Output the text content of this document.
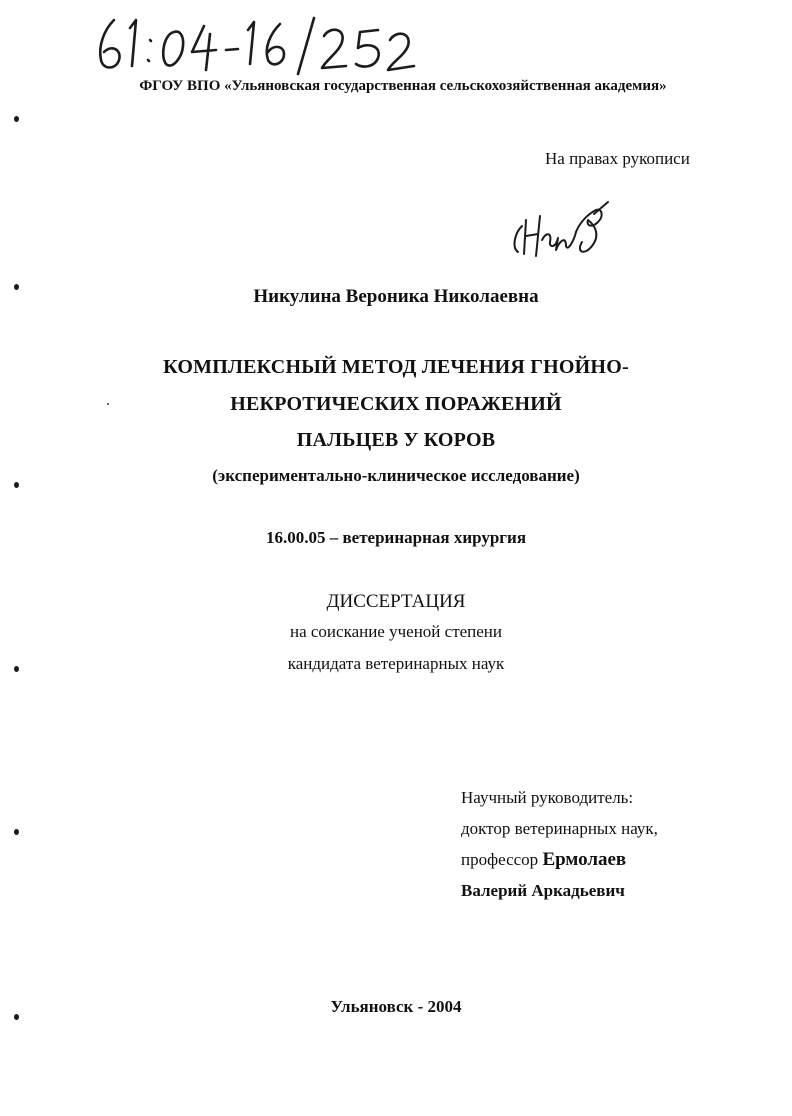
ФГОУ ВПО «Ульяновская государственная сельскохозяйственная академия»
На правах рукописи
Никулина Вероника Николаевна
КОМПЛЕКСНЫЙ МЕТОД ЛЕЧЕНИЯ ГНОЙНО-
НЕКРОТИЧЕСКИХ ПОРАЖЕНИЙ
ПАЛЬЦЕВ У КОРОВ
(экспериментально-клиническое исследование)
16.00.05 – ветеринарная хирургия
ДИССЕРТАЦИЯ
на соискание ученой степени
кандидата ветеринарных наук
Научный руководитель:
доктор ветеринарных наук,
профессор Ермолаев
Валерий Аркадьевич
Ульяновск - 2004
